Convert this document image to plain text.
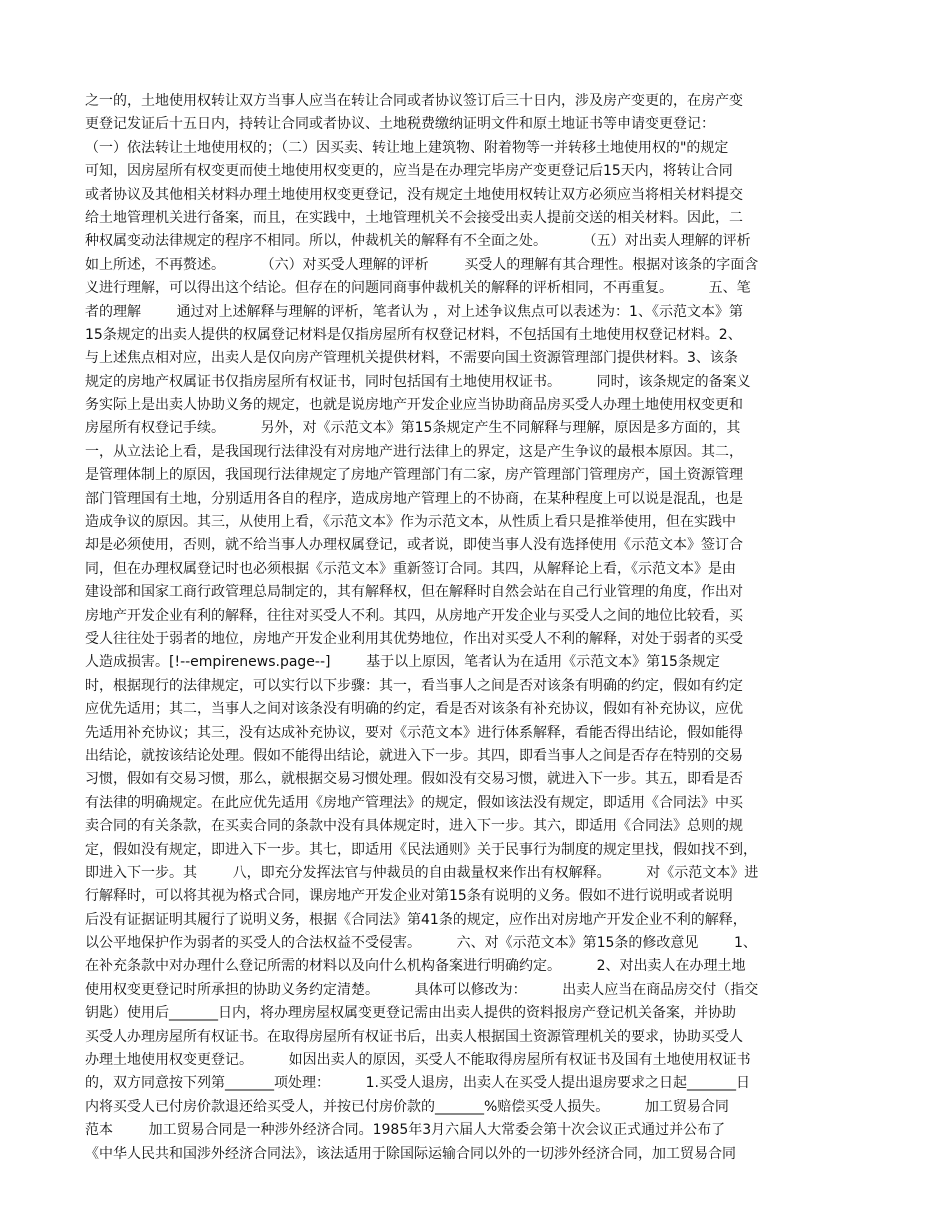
之一的，土地使用权转让双方当事人应当在转让合同或者协议签订后三十日内，涉及房产变更的，在房产变
更登记发证后十五日内，持转让合同或者协议、土地税费缴纳证明文件和原土地证书等申请变更登记：
（一）依法转让土地使用权的；（二）因买卖、转让地上建筑物、附着物等一并转移土地使用权的"的规定
可知，因房屋所有权变更而使土地使用权变更的，应当是在办理完毕房产变更登记后15天内，将转让合同
或者协议及其他相关材料办理土地使用权变更登记，没有规定土地使用权转让双方必须应当将相关材料提交
给土地管理机关进行备案，而且，在实践中，土地管理机关不会接受出卖人提前交送的相关材料。因此，二
种权属变动法律规定的程序不相同。所以，仲裁机关的解释有不全面之处。        （五）对出卖人理解的评析
如上所述，不再赘述。        （六）对买受人理解的评析        买受人的理解有其合理性。根据对该条的字面含
义进行理解，可以得出这个结论。但存在的问题同商事仲裁机关的解释的评析相同，不再重复。        五、笔
者的理解        通过对上述解释与理解的评析，笔者认为 ，对上述争议焦点可以表述为：1、《示范文本》第
15条规定的出卖人提供的权属登记材料是仅指房屋所有权登记材料，不包括国有土地使用权登记材料。2、
与上述焦点相对应，出卖人是仅向房产管理机关提供材料，不需要向国土资源管理部门提供材料。3、该条
规定的房地产权属证书仅指房屋所有权证书，同时包括国有土地使用权证书。        同时，该条规定的备案义
务实际上是出卖人协助义务的规定，也就是说房地产开发企业应当协助商品房买受人办理土地使用权变更和
房屋所有权登记手续。        另外，对《示范文本》第15条规定产生不同解释与理解，原因是多方面的，其
一，从立法论上看，是我国现行法律没有对房地产进行法律上的界定，这是产生争议的最根本原因。其二，
是管理体制上的原因，我国现行法律规定了房地产管理部门有二家，房产管理部门管理房产，国土资源管理
部门管理国有土地，分别适用各自的程序，造成房地产管理上的不协商，在某种程度上可以说是混乱，也是
造成争议的原因。其三，从使用上看，《示范文本》作为示范文本，从性质上看只是推举使用，但在实践中
却是必须使用，否则，就不给当事人办理权属登记，或者说，即使当事人没有选择使用《示范文本》签订合
同，但在办理权属登记时也必须根据《示范文本》重新签订合同。其四，从解释论上看，《示范文本》是由
建设部和国家工商行政管理总局制定的，其有解释权，但在解释时自然会站在自己行业管理的角度，作出对
房地产开发企业有利的解释，往往对买受人不利。其四，从房地产开发企业与买受人之间的地位比较看，买
受人往往处于弱者的地位，房地产开发企业利用其优势地位，作出对买受人不利的解释，对处于弱者的买受
人造成损害。[!--empirenews.page--]        基于以上原因，笔者认为在适用《示范文本》第15条规定
时，根据现行的法律规定，可以实行以下步骤：其一，看当事人之间是否对该条有明确的约定，假如有约定
应优先适用；其二，当事人之间对该条没有明确的约定，看是否对该条有补充协议，假如有补充协议，应优
先适用补充协议；其三，没有达成补充协议，要对《示范文本》进行体系解释，看能否得出结论，假如能得
出结论，就按该结论处理。假如不能得出结论，就进入下一步。其四，即看当事人之间是否存在特别的交易
习惯，假如有交易习惯，那么，就根据交易习惯处理。假如没有交易习惯，就进入下一步。其五，即看是否
有法律的明确规定。在此应优先适用《房地产管理法》的规定，假如该法没有规定，即适用《合同法》中买
卖合同的有关条款，在买卖合同的条款中没有具体规定时，进入下一步。其六，即适用《合同法》总则的规
定，假如没有规定，即进入下一步。其七，即适用《民法通则》关于民事行为制度的规定里找，假如找不到，
即进入下一步。其        八，即充分发挥法官与仲裁员的自由裁量权来作出有权解释。        对《示范文本》进
行解释时，可以将其视为格式合同，课房地产开发企业对第15条有说明的义务。假如不进行说明或者说明
后没有证据证明其履行了说明义务，根据《合同法》第41条的规定，应作出对房地产开发企业不利的解释，
以公平地保护作为弱者的买受人的合法权益不受侵害。        六、对《示范文本》第15条的修改意见        1、
在补充条款中对办理什么登记所需的材料以及向什么机构备案进行明确约定。        2、对出卖人在办理土地
使用权变更登记时所承担的协助义务约定清楚。        具体可以修改为：        出卖人应当在商品房交付（指交
钥匙）使用后_______日内，将办理房屋权属变更登记需由出卖人提供的资料报房产登记机关备案，并协助
买受人办理房屋所有权证书。在取得房屋所有权证书后，出卖人根据国土资源管理机关的要求，协助买受人
办理土地使用权变更登记。        如因出卖人的原因，买受人不能取得房屋所有权证书及国有土地使用权证书
的，双方同意按下列第_______项处理：        1.买受人退房，出卖人在买受人提出退房要求之日起_______日
内将买受人已付房价款退还给买受人，并按已付房价款的_______%赔偿买受人损失。        加工贸易合同
范本        加工贸易合同是一种涉外经济合同。1985年3月六届人大常委会第十次会议正式通过并公布了
《中华人民共和国涉外经济合同法》，该法适用于除国际运输合同以外的一切涉外经济合同，加工贸易合同
